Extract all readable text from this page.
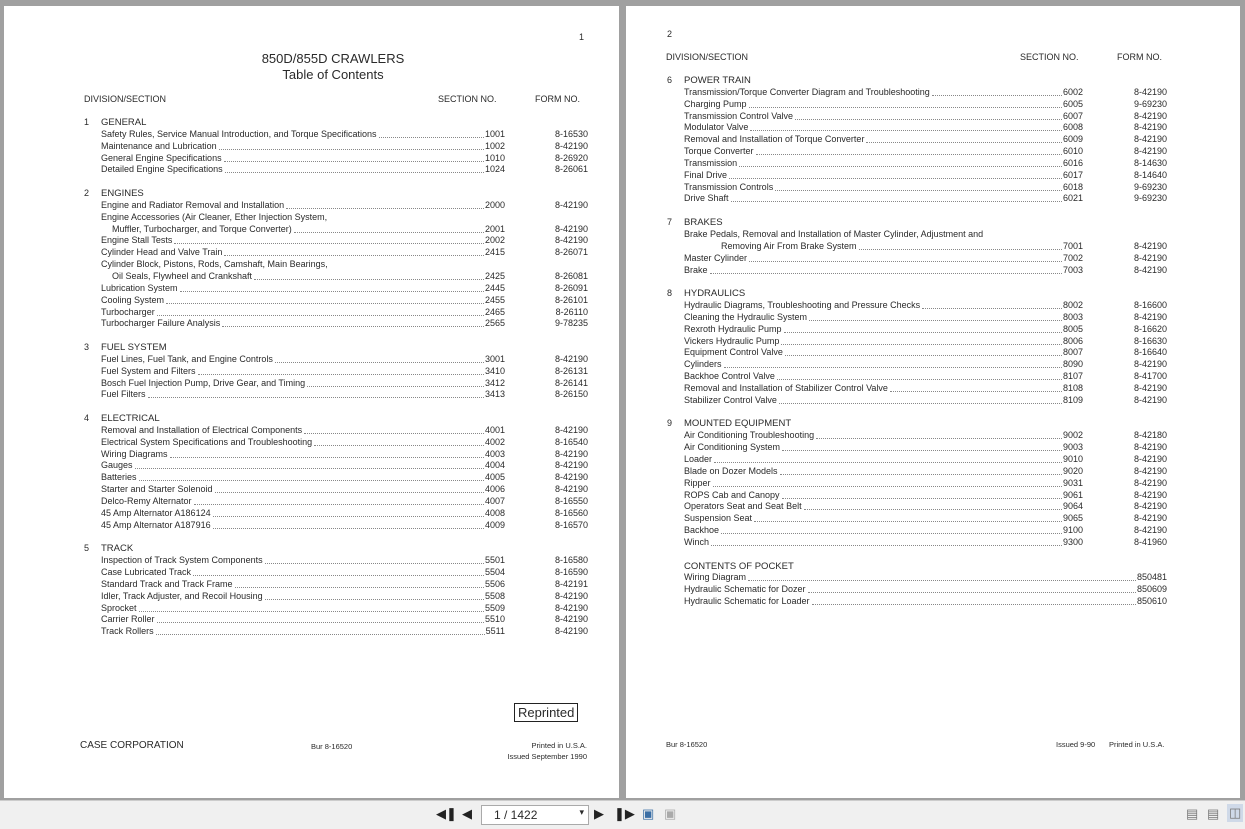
1
850D/855D CRAWLERS
Table of Contents
DIVISION/SECTION	SECTION NO.	FORM NO.
1	GENERAL
Safety Rules, Service Manual Introduction, and Torque Specifications	1001	8-16530
Maintenance and Lubrication	1002	8-42190
General Engine Specifications	1010	8-26920
Detailed Engine Specifications	1024	8-26061
2	ENGINES
Engine and Radiator Removal and Installation	2000	8-42190
Engine Accessories (Air Cleaner, Ether Injection System,
Muffler, Turbocharger, and Torque Converter)	2001	8-42190
Engine Stall Tests	2002	8-42190
Cylinder Head and Valve Train	2415	8-26071
Cylinder Block, Pistons, Rods, Camshaft, Main Bearings,
Oil Seals, Flywheel and Crankshaft	2425	8-26081
Lubrication System	2445	8-26091
Cooling System	2455	8-26101
Turbocharger	2465	8-26110
Turbocharger Failure Analysis	2565	9-78235
3	FUEL SYSTEM
Fuel Lines, Fuel Tank, and Engine Controls	3001	8-42190
Fuel System and Filters	3410	8-26131
Bosch Fuel Injection Pump, Drive Gear, and Timing	3412	8-26141
Fuel Filters	3413	8-26150
4	ELECTRICAL
Removal and Installation of Electrical Components	4001	8-42190
Electrical System Specifications and Troubleshooting	4002	8-16540
Wiring Diagrams	4003	8-42190
Gauges	4004	8-42190
Batteries	4005	8-42190
Starter and Starter Solenoid	4006	8-42190
Delco-Remy Alternator	4007	8-16550
45 Amp Alternator A186124	4008	8-16560
45 Amp Alternator A187916	4009	8-16570
5	TRACK
Inspection of Track System Components	5501	8-16580
Case Lubricated Track	5504	8-16590
Standard Track and Track Frame	5506	8-42191
Idler, Track Adjuster, and Recoil Housing	5508	8-42190
Sprocket	5509	8-42190
Carrier Roller	5510	8-42190
Track Rollers	5511	8-42190
Reprinted
CASE CORPORATION	Bur 8-16520	Printed in U.S.A.
Issued September 1990
2
DIVISION/SECTION	SECTION NO.	FORM NO.
6	POWER TRAIN
Transmission/Torque Converter Diagram and Troubleshooting	6002	8-42190
Charging Pump	6005	9-69230
Transmission Control Valve	6007	8-42190
Modulator Valve	6008	8-42190
Removal and Installation of Torque Converter	6009	8-42190
Torque Converter	6010	8-42190
Transmission	6016	8-14630
Final Drive	6017	8-14640
Transmission Controls	6018	9-69230
Drive Shaft	6021	9-69230
7	BRAKES
Brake Pedals, Removal and Installation of Master Cylinder, Adjustment and
Removing Air From Brake System	7001	8-42190
Master Cylinder	7002	8-42190
Brake	7003	8-42190
8	HYDRAULICS
Hydraulic Diagrams, Troubleshooting and Pressure Checks	8002	8-16600
Cleaning the Hydraulic System	8003	8-42190
Rexroth Hydraulic Pump	8005	8-16620
Vickers Hydraulic Pump	8006	8-16630
Equipment Control Valve	8007	8-16640
Cylinders	8090	8-42190
Backhoe Control Valve	8107	8-41700
Removal and Installation of Stabilizer Control Valve	8108	8-42190
Stabilizer Control Valve	8109	8-42190
9	MOUNTED EQUIPMENT
Air Conditioning Troubleshooting	9002	8-42180
Air Conditioning System	9003	8-42190
Loader	9010	8-42190
Blade on Dozer Models	9020	8-42190
Ripper	9031	8-42190
ROPS Cab and Canopy	9061	8-42190
Operators Seat and Seat Belt	9064	8-42190
Suspension Seat	9065	8-42190
Backhoe	9100	8-42190
Winch	9300	8-41960
CONTENTS OF POCKET
Wiring Diagram	850481
Hydraulic Schematic for Dozer	850609
Hydraulic Schematic for Loader	850610
Bur 8-16520	Issued 9-90 Printed in U.S.A.
◀❚ ◀ 1 / 1422	▾ ▶ ❚▶ ▣ ▣	▤ ▤ ◫
